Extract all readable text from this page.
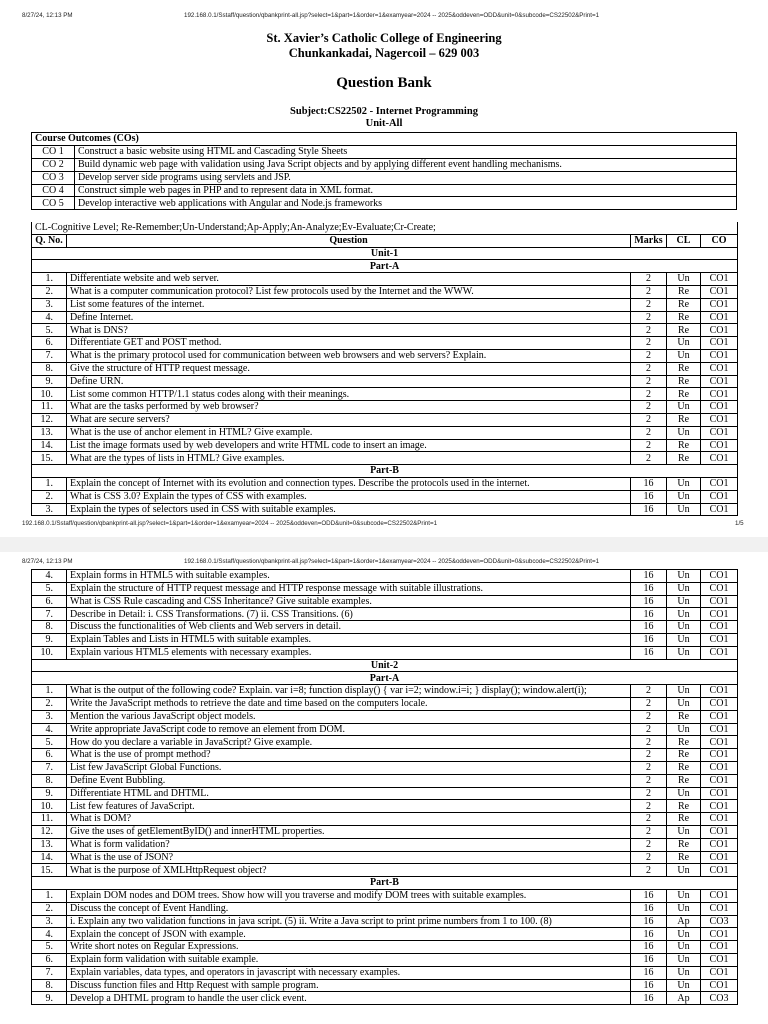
8/27/24, 12:13 PM	192.168.0.1/Sstaff/question/qbankprint-all.jsp?select=1&part=1&order=1&examyear=2024 -- 2025&oddeven=ODD&unit=0&subcode=CS22502&Print=1
St. Xavier’s Catholic College of Engineering
Chunkankadai, Nagercoil – 629 003
Question Bank
Subject:CS22502 - Internet Programming
Unit-All
Course Outcomes (COs)	
CO 1	Construct a basic website using HTML and Cascading Style Sheets
CO 2	Build dynamic web page with validation using Java Script objects and by applying different event handling mechanisms.
CO 3	Develop server side programs using servlets and JSP.
CO 4	Construct simple web pages in PHP and to represent data in XML format.
CO 5	Develop interactive web applications with Angular and Node.js frameworks
CL-Cognitive Level; Re-Remember;Un-Understand;Ap-Apply;An-Analyze;Ev-Evaluate;Cr-Create;				
Q. No.	Question	Marks	CL	CO
Unit-1				
Part-A				
1.	Differentiate website and web server.	2	Un	CO1
2.	What is a computer communication protocol? List few protocols used by the Internet and the WWW.	2	Re	CO1
3.	List some features of the internet.	2	Re	CO1
4.	Define Internet.	2	Re	CO1
5.	What is DNS?	2	Re	CO1
6.	Differentiate GET and POST method.	2	Un	CO1
7.	What is the primary protocol used for communication between web browsers and web servers? Explain.	2	Un	CO1
8.	Give the structure of HTTP request message.	2	Re	CO1
9.	Define URN.	2	Re	CO1
10.	List some common HTTP/1.1 status codes along with their meanings.	2	Re	CO1
11.	What are the tasks performed by web browser?	2	Un	CO1
12.	What are secure servers?	2	Re	CO1
13.	What is the use of anchor element in HTML? Give example.	2	Un	CO1
14.	List the image formats used by web developers and write HTML code to insert an image.	2	Re	CO1
15.	What are the types of lists in HTML? Give examples.	2	Re	CO1
Part-B				
1.	Explain the concept of Internet with its evolution and connection types. Describe the protocols used in the internet.	16	Un	CO1
2.	What is CSS 3.0? Explain the types of CSS with examples.	16	Un	CO1
3.	Explain the types of selectors used in CSS with suitable examples.	16	Un	CO1
192.168.0.1/Sstaff/question/qbankprint-all.jsp?select=1&part=1&order=1&examyear=2024 -- 2025&oddeven=ODD&unit=0&subcode=CS22502&Print=1	1/5
8/27/24, 12:13 PM	192.168.0.1/Sstaff/question/qbankprint-all.jsp?select=1&part=1&order=1&examyear=2024 -- 2025&oddeven=ODD&unit=0&subcode=CS22502&Print=1
4.	Explain forms in HTML5 with suitable examples.	16	Un	CO1
5.	Explain the structure of HTTP request message and HTTP response message with suitable illustrations.	16	Un	CO1
6.	What is CSS Rule cascading and CSS Inheritance? Give suitable examples.	16	Un	CO1
7.	Describe in Detail: i. CSS Transformations. (7) ii. CSS Transitions. (6)	16	Un	CO1
8.	Discuss the functionalities of Web clients and Web servers in detail.	16	Un	CO1
9.	Explain Tables and Lists in HTML5 with suitable examples.	16	Un	CO1
10.	Explain various HTML5 elements with necessary examples.	16	Un	CO1
Unit-2				
Part-A				
1.	What is the output of the following code? Explain. var i=8; function display() { var i=2; window.i=i; } display(); window.alert(i);	2	Un	CO1
2.	Write the JavaScript methods to retrieve the date and time based on the computers locale.	2	Un	CO1
3.	Mention the various JavaScript object models.	2	Re	CO1
4.	Write appropriate JavaScript code to remove an element from DOM.	2	Un	CO1
5.	How do you declare a variable in JavaScript? Give example.	2	Re	CO1
6.	What is the use of prompt method?	2	Re	CO1
7.	List few JavaScript Global Functions.	2	Re	CO1
8.	Define Event Bubbling.	2	Re	CO1
9.	Differentiate HTML and DHTML.	2	Un	CO1
10.	List few features of JavaScript.	2	Re	CO1
11.	What is DOM?	2	Re	CO1
12.	Give the uses of getElementByID() and innerHTML properties.	2	Un	CO1
13.	What is form validation?	2	Re	CO1
14.	What is the use of JSON?	2	Re	CO1
15.	What is the purpose of XMLHttpRequest object?	2	Un	CO1
Part-B				
1.	Explain DOM nodes and DOM trees. Show how will you traverse and modify DOM trees with suitable examples.	16	Un	CO1
2.	Discuss the concept of Event Handling.	16	Un	CO1
3.	i. Explain any two validation functions in java script. (5) ii. Write a Java script to print prime numbers from 1 to 100. (8)	16	Ap	CO3
4.	Explain the concept of JSON with example.	16	Un	CO1
5.	Write short notes on Regular Expressions.	16	Un	CO1
6.	Explain form validation with suitable example.	16	Un	CO1
7.	Explain variables, data types, and operators in javascript with necessary examples.	16	Un	CO1
8.	Discuss function files and Http Request with sample program.	16	Un	CO1
9.	Develop a DHTML program to handle the user click event.	16	Ap	CO3
